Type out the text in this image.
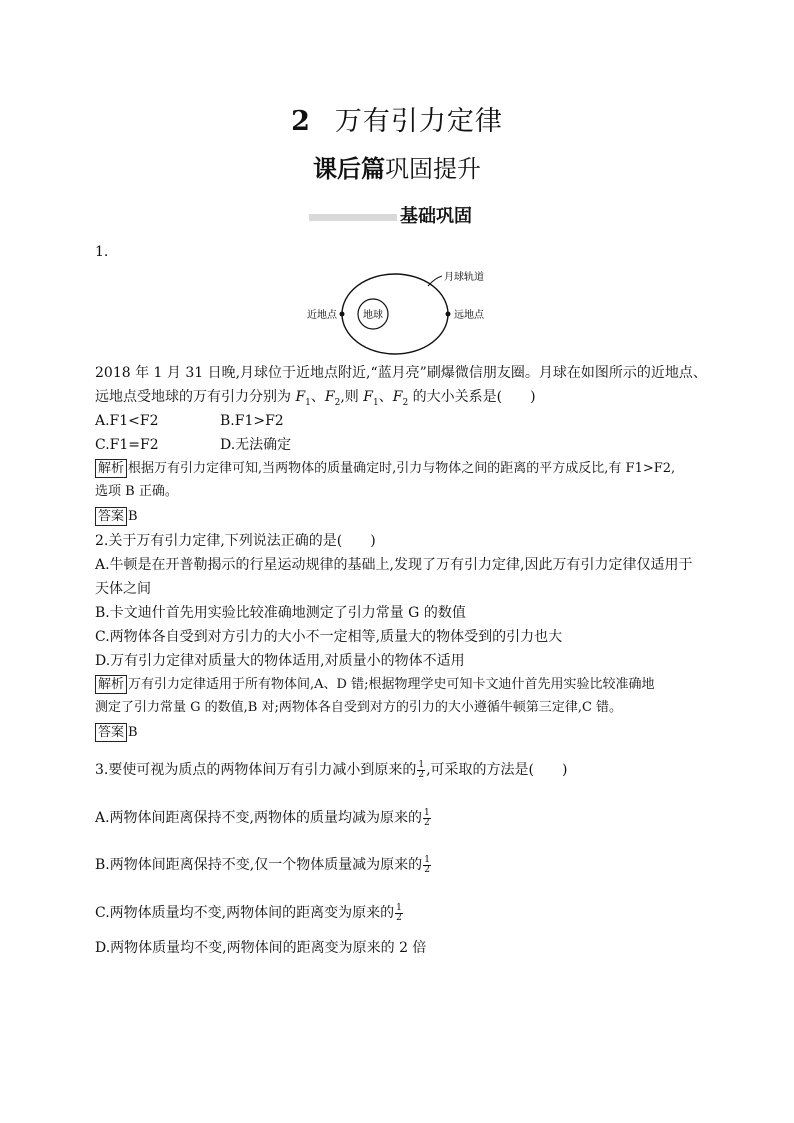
2 万有引力定律
课后篇巩固提升
基础巩固
1.
地球
近地点	远地点
月球轨道
2018 年 1 月 31 日晚,月球位于近地点附近,“蓝月亮”刷爆微信朋友圈。月球在如图所示的近地点、
远地点受地球的万有引力分别为 $F_1$、$F_2$,则 $F_1$、$F_2$ 的大小关系是(　　)
A.F1<F2	B.F1>F2
C.F1=F2	D.无法确定
解析 根据万有引力定律可知,当两物体的质量确定时,引力与物体之间的距离的平方成反比,有 F1>F2,
选项 B 正确。
答案 B
2.关于万有引力定律,下列说法正确的是(　　)
A.牛顿是在开普勒揭示的行星运动规律的基础上,发现了万有引力定律,因此万有引力定律仅适用于
天体之间
B.卡文迪什首先用实验比较准确地测定了引力常量 G 的数值
C.两物体各自受到对方引力的大小不一定相等,质量大的物体受到的引力也大
D.万有引力定律对质量大的物体适用,对质量小的物体不适用
解析 万有引力定律适用于所有物体间,A、D 错;根据物理学史可知卡文迪什首先用实验比较准确地
测定了引力常量 G 的数值,B 对;两物体各自受到对方的引力的大小遵循牛顿第三定律,C 错。
答案 B
3.要使可视为质点的两物体间万有引力减小到原来的 $\frac{1}{2}$ ,可采取的方法是(　　)
A.两物体间距离保持不变,两物体的质量均减为原来的 $\frac{1}{2}$
B.两物体间距离保持不变,仅一个物体质量减为原来的 $\frac{1}{2}$
C.两物体质量均不变,两物体间的距离变为原来的 $\frac{1}{2}$
D.两物体质量均不变,两物体间的距离变为原来的 2 倍
